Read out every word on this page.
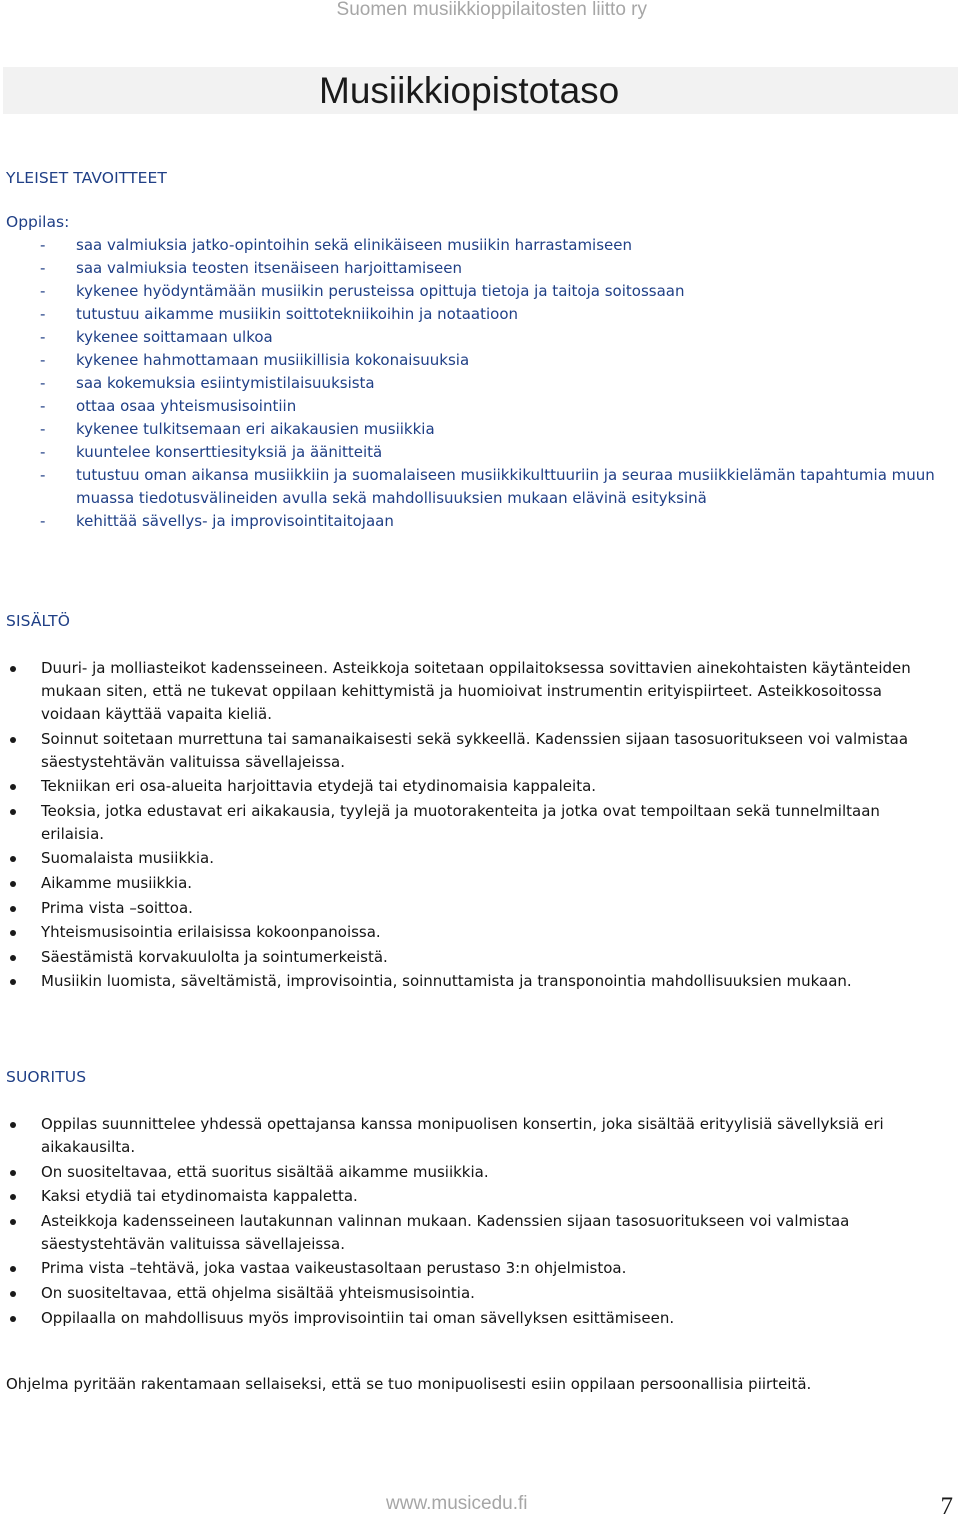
Suomen musiikkioppilaitosten liitto ry
Musiikkiopistotaso
YLEISET TAVOITTEET
Oppilas:
- saa valmiuksia jatko-opintoihin sekä elinikäiseen musiikin harrastamiseen
- saa valmiuksia teosten itsenäiseen harjoittamiseen
- kykenee hyödyntämään musiikin perusteissa opittuja tietoja ja taitoja soitossaan
- tutustuu aikamme musiikin soittotekniikoihin ja notaatioon
- kykenee soittamaan ulkoa
- kykenee hahmottamaan musiikillisia kokonaisuuksia
- saa kokemuksia esiintymistilaisuuksista
- ottaa osaa yhteismusisointiin
- kykenee tulkitsemaan eri aikakausien musiikkia
- kuuntelee konserttiesityksiä ja äänitteitä
- tutustuu oman aikansa musiikkiin ja suomalaiseen musiikkikulttuuriin ja seuraa musiikkielämän tapahtumia muun muassa tiedotusvälineiden avulla sekä mahdollisuuksien mukaan elävinä esityksinä
- kehittää sävellys- ja improvisointitaitojaan
SISÄLTÖ
Duuri- ja molliasteikot kadensseineen. Asteikkoja soitetaan oppilaitoksessa sovittavien ainekohtaisten käytänteiden mukaan siten, että ne tukevat oppilaan kehittymistä ja huomioivat instrumentin erityispiirteet. Asteikkosoitossa voidaan käyttää vapaita kieliä.
Soinnut soitetaan murrettuna tai samanaikaisesti sekä sykkeellä. Kadenssien sijaan tasosuoritukseen voi valmistaa säestystehtävän valituissa sävellajeissa.
Tekniikan eri osa-alueita harjoittavia etydejä tai etydinomaisia kappaleita.
Teoksia, jotka edustavat eri aikakausia, tyylejä ja muotorakenteita ja jotka ovat tempoiltaan sekä tunnelmiltaan erilaisia.
Suomalaista musiikkia.
Aikamme musiikkia.
Prima vista –soittoa.
Yhteismusisointia erilaisissa kokoonpanoissa.
Säestämistä korvakuulolta ja sointumerkeistä.
Musiikin luomista, säveltämistä, improvisointia, soinnuttamista ja transponointia mahdollisuuksien mukaan.
SUORITUS
Oppilas suunnittelee yhdessä opettajansa kanssa monipuolisen konsertin, joka sisältää erityylisiä sävellyksiä eri aikakausilta.
On suositeltavaa, että suoritus sisältää aikamme musiikkia.
Kaksi etydiä tai etydinomaista kappaletta.
Asteikkoja kadensseineen lautakunnan valinnan mukaan. Kadenssien sijaan tasosuoritukseen voi valmistaa säestystehtävän valituissa sävellajeissa.
Prima vista –tehtävä, joka vastaa vaikeustasoltaan perustaso 3:n ohjelmistoa.
On suositeltavaa, että ohjelma sisältää yhteismusisointia.
Oppilaalla on mahdollisuus myös improvisointiin tai oman sävellyksen esittämiseen.

Ohjelma pyritään rakentamaan sellaiseksi, että se tuo monipuolisesti esiin oppilaan persoonallisia piirteitä.

www.musicedu.fi	7
